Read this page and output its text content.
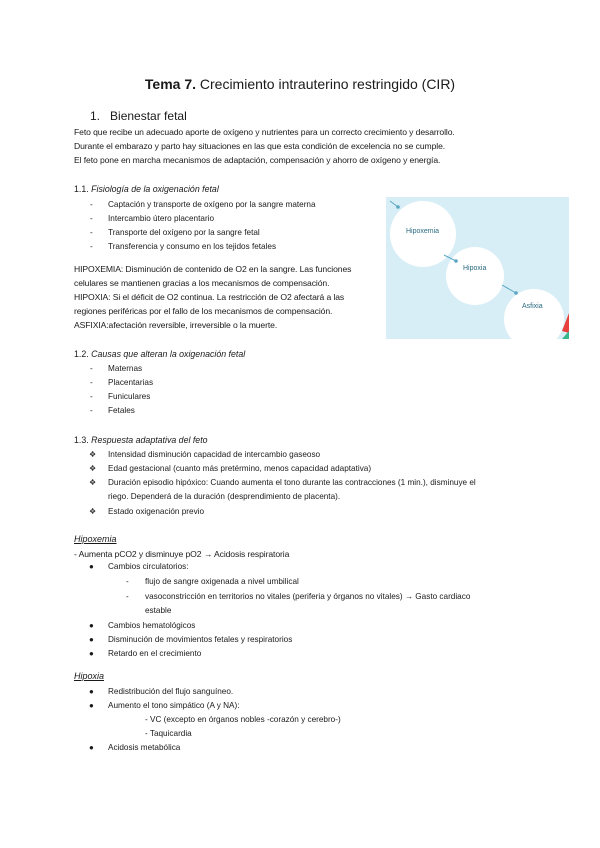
Tema 7. Crecimiento intrauterino restringido (CIR)
1. Bienestar fetal
Feto que recibe un adecuado aporte de oxígeno y nutrientes para un correcto crecimiento y desarrollo.
Durante el embarazo y parto hay situaciones en las que esta condición de excelencia no se cumple.
El feto pone en marcha mecanismos de adaptación, compensación y ahorro de oxígeno y energía.
1.1. Fisiología de la oxigenación fetal
- Captación y transporte de oxígeno por la sangre materna
- Intercambio útero placentario
- Transporte del oxígeno por la sangre fetal
- Transferencia y consumo en los tejidos fetales
HIPOXEMIA: Disminución de contenido de O2 en la sangre. Las funciones
celulares se mantienen gracias a los mecanismos de compensación.
HIPOXIA: Si el déficit de O2 continua. La restricción de O2 afectará a las
regiones periféricas por el fallo de los mecanismos de compensación.
ASFIXIA:afectación reversible, irreversible o la muerte.
Hipoxemia
Hipoxia
Asfixia
1.2. Causas que alteran la oxigenación fetal
- Maternas
- Placentarias
- Funiculares
- Fetales
1.3. Respuesta adaptativa del feto
❖ Intensidad disminución capacidad de intercambio gaseoso
❖ Edad gestacional (cuanto más pretérmino, menos capacidad adaptativa)
❖ Duración episodio hipóxico: Cuando aumenta el tono durante las contracciones (1 min.), disminuye el
riego. Dependerá de la duración (desprendimiento de placenta).
❖ Estado oxigenación previo
Hipoxemia
- Aumenta pCO2 y disminuye pO2 → Acidosis respiratoria
● Cambios circulatorios:
- flujo de sangre oxigenada a nivel umbilical
- vasoconstricción en territorios no vitales (periferia y órganos no vitales) → Gasto cardiaco
estable
● Cambios hematológicos
● Disminución de movimientos fetales y respiratorios
● Retardo en el crecimiento
Hipoxia
● Redistribución del flujo sanguíneo.
● Aumento el tono simpático (A y NA):
- VC (excepto en órganos nobles -corazón y cerebro-)
- Taquicardia
● Acidosis metabólica
